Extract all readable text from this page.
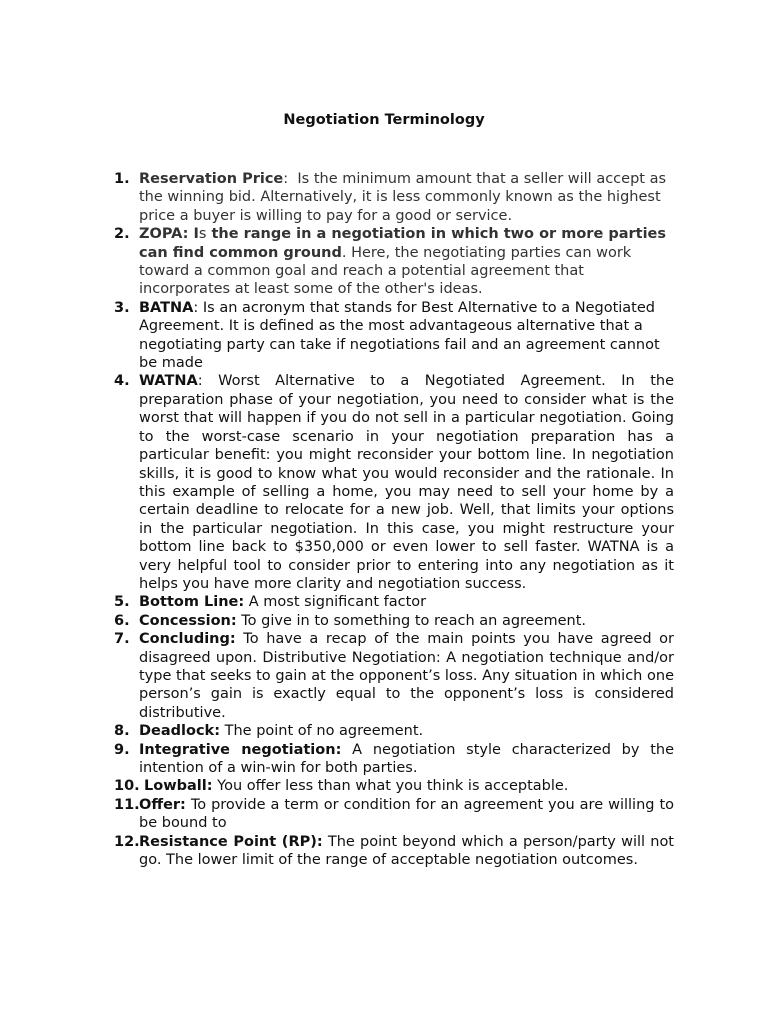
Negotiation Terminology
1. Reservation Price:  Is the minimum amount that a seller will accept as the winning bid. Alternatively, it is less commonly known as the highest price a buyer is willing to pay for a good or service.
2. ZOPA: Is the range in a negotiation in which two or more parties can find common ground. Here, the negotiating parties can work toward a common goal and reach a potential agreement that incorporates at least some of the other's ideas.
3. BATNA: Is an acronym that stands for Best Alternative to a Negotiated Agreement. It is defined as the most advantageous alternative that a negotiating party can take if negotiations fail and an agreement cannot be made
4. WATNA: Worst Alternative to a Negotiated Agreement. In the preparation phase of your negotiation, you need to consider what is the worst that will happen if you do not sell in a particular negotiation. Going to the worst-case scenario in your negotiation preparation has a particular benefit: you might reconsider your bottom line. In negotiation skills, it is good to know what you would reconsider and the rationale. In this example of selling a home, you may need to sell your home by a certain deadline to relocate for a new job. Well, that limits your options in the particular negotiation. In this case, you might restructure your bottom line back to $350,000 or even lower to sell faster. WATNA is a very helpful tool to consider prior to entering into any negotiation as it helps you have more clarity and negotiation success.
5. Bottom Line: A most significant factor
6. Concession: To give in to something to reach an agreement.
7. Concluding: To have a recap of the main points you have agreed or disagreed upon. Distributive Negotiation: A negotiation technique and/or type that seeks to gain at the opponent’s loss. Any situation in which one person’s gain is exactly equal to the opponent’s loss is considered distributive.
8. Deadlock: The point of no agreement.
9. Integrative negotiation: A negotiation style characterized by the intention of a win-win for both parties.
10. Lowball: You offer less than what you think is acceptable.
11. Offer: To provide a term or condition for an agreement you are willing to be bound to
12. Resistance Point (RP): The point beyond which a person/party will not go. The lower limit of the range of acceptable negotiation outcomes.
